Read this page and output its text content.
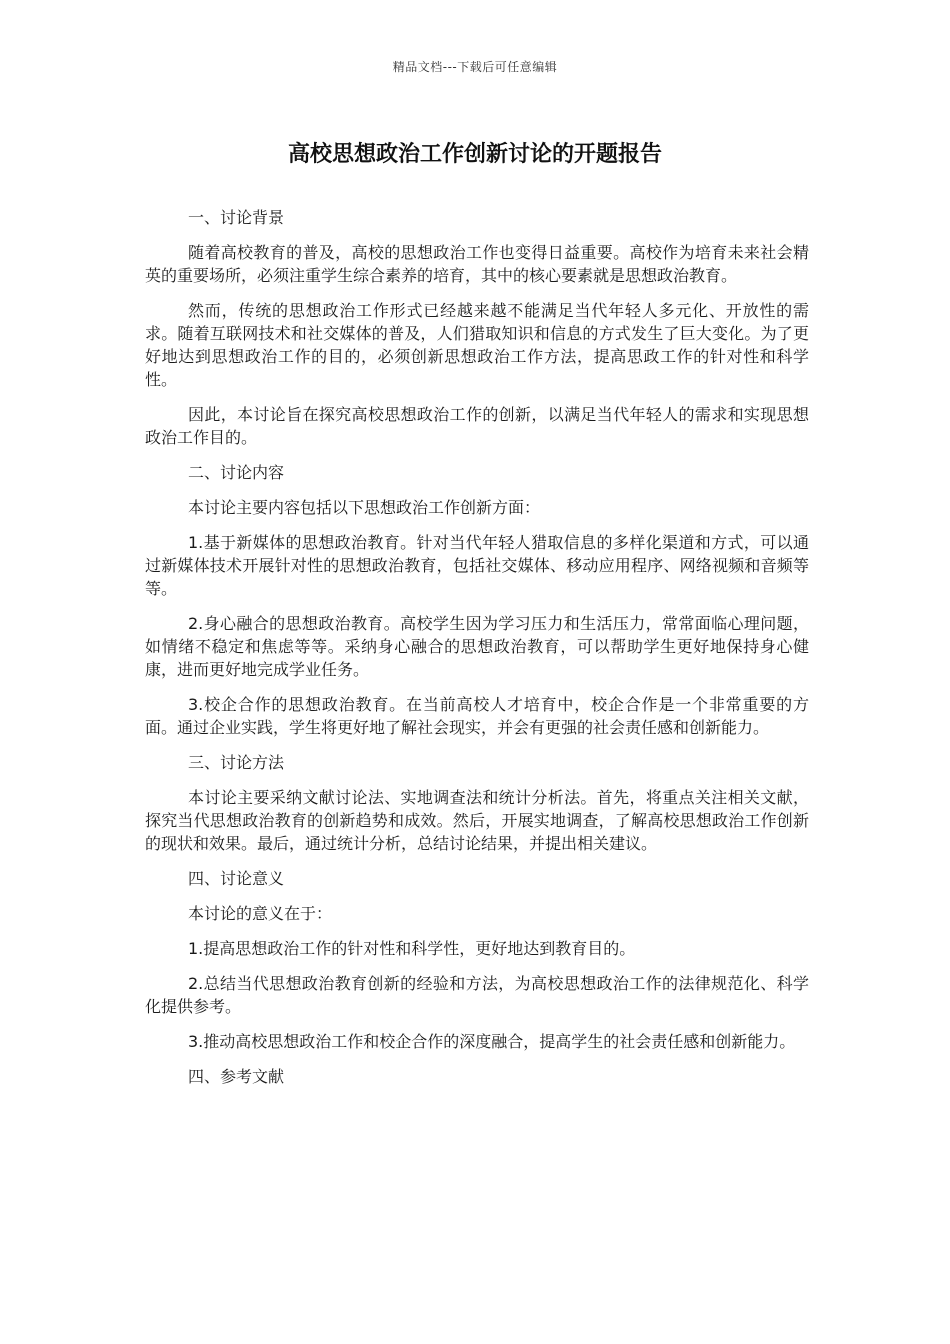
精品文档---下载后可任意编辑
高校思想政治工作创新讨论的开题报告

一、讨论背景

随着高校教育的普及，高校的思想政治工作也变得日益重要。高校作为培育未来社会精英的重要场所，必须注重学生综合素养的培育，其中的核心要素就是思想政治教育。

然而，传统的思想政治工作形式已经越来越不能满足当代年轻人多元化、开放性的需求。随着互联网技术和社交媒体的普及，人们猎取知识和信息的方式发生了巨大变化。为了更好地达到思想政治工作的目的，必须创新思想政治工作方法，提高思政工作的针对性和科学性。

因此，本讨论旨在探究高校思想政治工作的创新，以满足当代年轻人的需求和实现思想政治工作目的。

二、讨论内容

本讨论主要内容包括以下思想政治工作创新方面：

1.基于新媒体的思想政治教育。针对当代年轻人猎取信息的多样化渠道和方式，可以通过新媒体技术开展针对性的思想政治教育，包括社交媒体、移动应用程序、网络视频和音频等等。

2.身心融合的思想政治教育。高校学生因为学习压力和生活压力，常常面临心理问题，如情绪不稳定和焦虑等等。采纳身心融合的思想政治教育，可以帮助学生更好地保持身心健康，进而更好地完成学业任务。

3.校企合作的思想政治教育。在当前高校人才培育中，校企合作是一个非常重要的方面。通过企业实践，学生将更好地了解社会现实，并会有更强的社会责任感和创新能力。

三、讨论方法

本讨论主要采纳文献讨论法、实地调查法和统计分析法。首先，将重点关注相关文献，探究当代思想政治教育的创新趋势和成效。然后，开展实地调查，了解高校思想政治工作创新的现状和效果。最后，通过统计分析，总结讨论结果，并提出相关建议。

四、讨论意义

本讨论的意义在于：

1.提高思想政治工作的针对性和科学性，更好地达到教育目的。

2.总结当代思想政治教育创新的经验和方法，为高校思想政治工作的法律规范化、科学化提供参考。

3.推动高校思想政治工作和校企合作的深度融合，提高学生的社会责任感和创新能力。

四、参考文献
